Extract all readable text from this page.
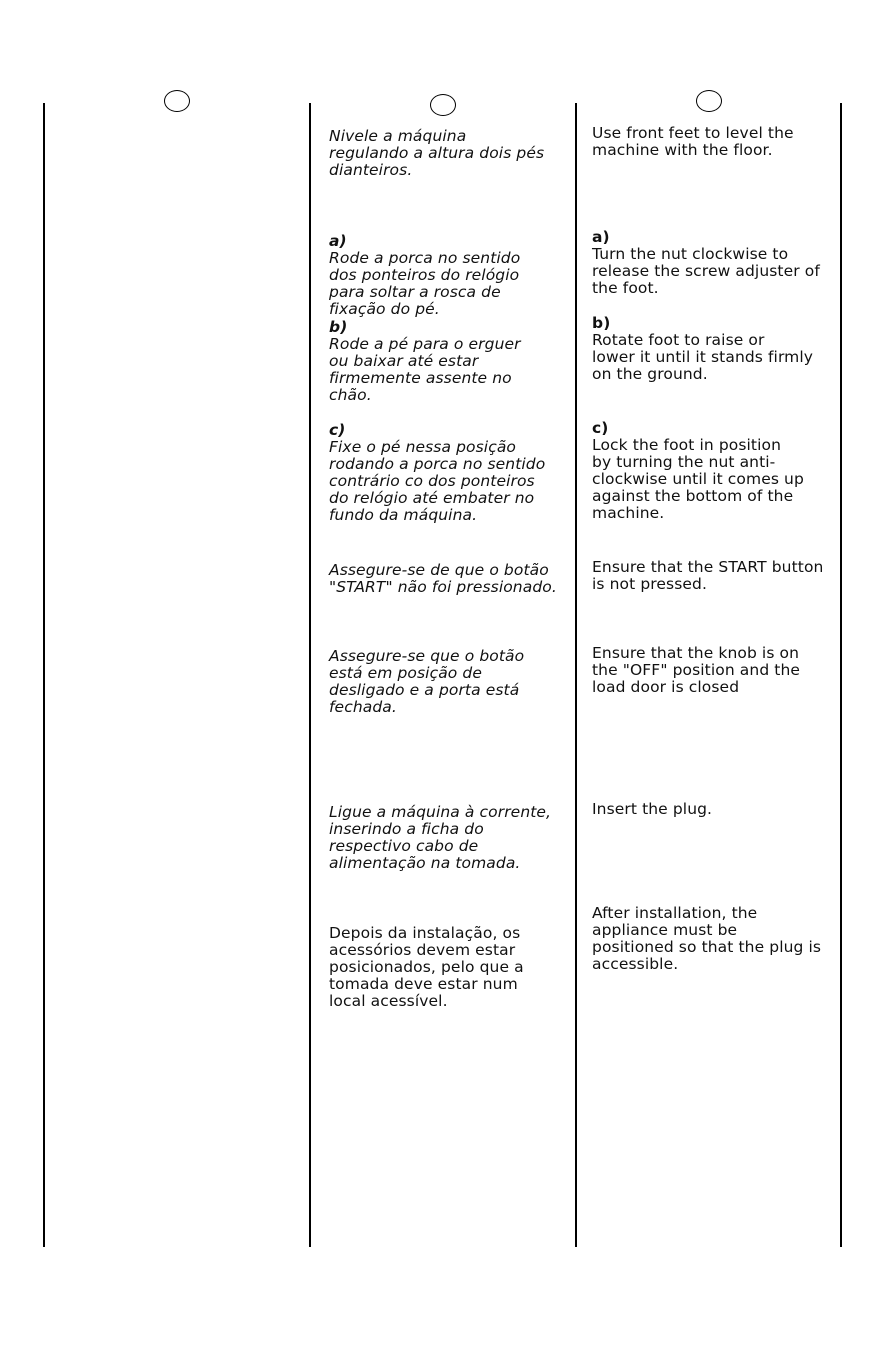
Nivele a máquina
regulando a altura dois pés
dianteiros.

a)
Rode a porca no sentido
dos ponteiros do relógio
para soltar a rosca de
fixação do pé.

b)
Rode a pé para o erguer
ou baixar até estar
firmemente assente no
chão.

c)
Fixe o pé nessa posição
rodando a porca no sentido
contrário co dos ponteiros
do relógio até embater no
fundo da máquina.

Assegure-se de que o botão
"START" não foi pressionado.
Assegure-se que o botão
está em posição de
desligado e a porta está
fechada.
Ligue a máquina à corrente,
inserindo a ficha do
respectivo cabo de
alimentação na tomada.
Depois da instalação, os
acessórios devem estar
posicionados, pelo que a
tomada deve estar num
local acessível.
Use front feet to level the
machine with the floor.

a)
Turn the nut clockwise to
release the screw adjuster of
the foot.

b)
Rotate foot to raise or
lower it until it stands firmly
on the ground.

c)
Lock the foot in position
by turning the nut anti-
clockwise until it comes up
against the bottom of the
machine.

Ensure that the START button
is not pressed.
Ensure that the knob is on
the "OFF" position and the
load door is closed
Insert the plug.
After installation, the
appliance must be
positioned so that the plug is
accessible.
